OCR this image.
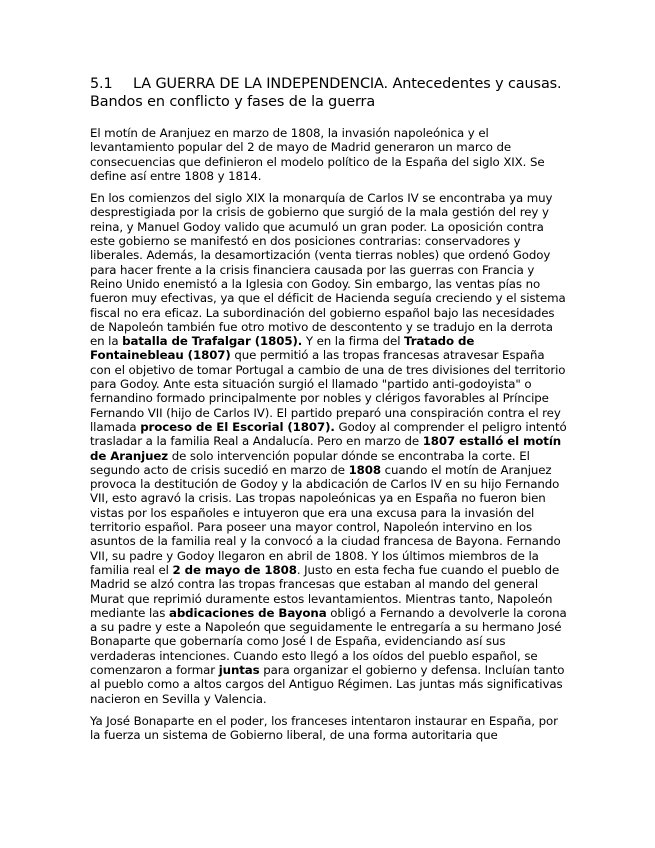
5.1 LA GUERRA DE LA INDEPENDENCIA. Antecedentes y causas. Bandos en conflicto y fases de la guerra

El motín de Aranjuez en marzo de 1808, la invasión napoleónica y el levantamiento popular del 2 de mayo de Madrid generaron un marco de consecuencias que definieron el modelo político de la España del siglo XIX. Se define así entre 1808 y 1814.

En los comienzos del siglo XIX la monarquía de Carlos IV se encontraba ya muy desprestigiada por la crisis de gobierno que surgió de la mala gestión del rey y reina, y Manuel Godoy valido que acumuló un gran poder. La oposición contra este gobierno se manifestó en dos posiciones contrarias: conservadores y liberales. Además, la desamortización (venta tierras nobles) que ordenó Godoy para hacer frente a la crisis financiera causada por las guerras con Francia y Reino Unido enemistó a la Iglesia con Godoy. Sin embargo, las ventas pías no fueron muy efectivas, ya que el déficit de Hacienda seguía creciendo y el sistema fiscal no era eficaz. La subordinación del gobierno español bajo las necesidades de Napoleón también fue otro motivo de descontento y se tradujo en la derrota en la batalla de Trafalgar (1805). Y en la firma del Tratado de Fontainebleau (1807) que permitió a las tropas francesas atravesar España con el objetivo de tomar Portugal a cambio de una de tres divisiones del territorio para Godoy. Ante esta situación surgió el llamado "partido anti-godoyista" o fernandino formado principalmente por nobles y clérigos favorables al Príncipe Fernando VII (hijo de Carlos IV). El partido preparó una conspiración contra el rey llamada proceso de El Escorial (1807). Godoy al comprender el peligro intentó trasladar a la familia Real a Andalucía. Pero en marzo de 1807 estalló el motín de Aranjuez de solo intervención popular dónde se encontraba la corte. El segundo acto de crisis sucedió en marzo de 1808 cuando el motín de Aranjuez provoca la destitución de Godoy y la abdicación de Carlos IV en su hijo Fernando VII, esto agravó la crisis. Las tropas napoleónicas ya en España no fueron bien vistas por los españoles e intuyeron que era una excusa para la invasión del territorio español. Para poseer una mayor control, Napoleón intervino en los asuntos de la familia real y la convocó a la ciudad francesa de Bayona. Fernando VII, su padre y Godoy llegaron en abril de 1808. Y los últimos miembros de la familia real el 2 de mayo de 1808. Justo en esta fecha fue cuando el pueblo de Madrid se alzó contra las tropas francesas que estaban al mando del general Murat que reprimió duramente estos levantamientos. Mientras tanto, Napoleón mediante las abdicaciones de Bayona obligó a Fernando a devolverle la corona a su padre y este a Napoleón que seguidamente le entregaría a su hermano José Bonaparte que gobernaría como José I de España, evidenciando así sus verdaderas intenciones. Cuando esto llegó a los oídos del pueblo español, se comenzaron a formar juntas para organizar el gobierno y defensa. Incluían tanto al pueblo como a altos cargos del Antiguo Régimen. Las juntas más significativas nacieron en Sevilla y Valencia.

Ya José Bonaparte en el poder, los franceses intentaron instaurar en España, por la fuerza un sistema de Gobierno liberal, de una forma autoritaria que
